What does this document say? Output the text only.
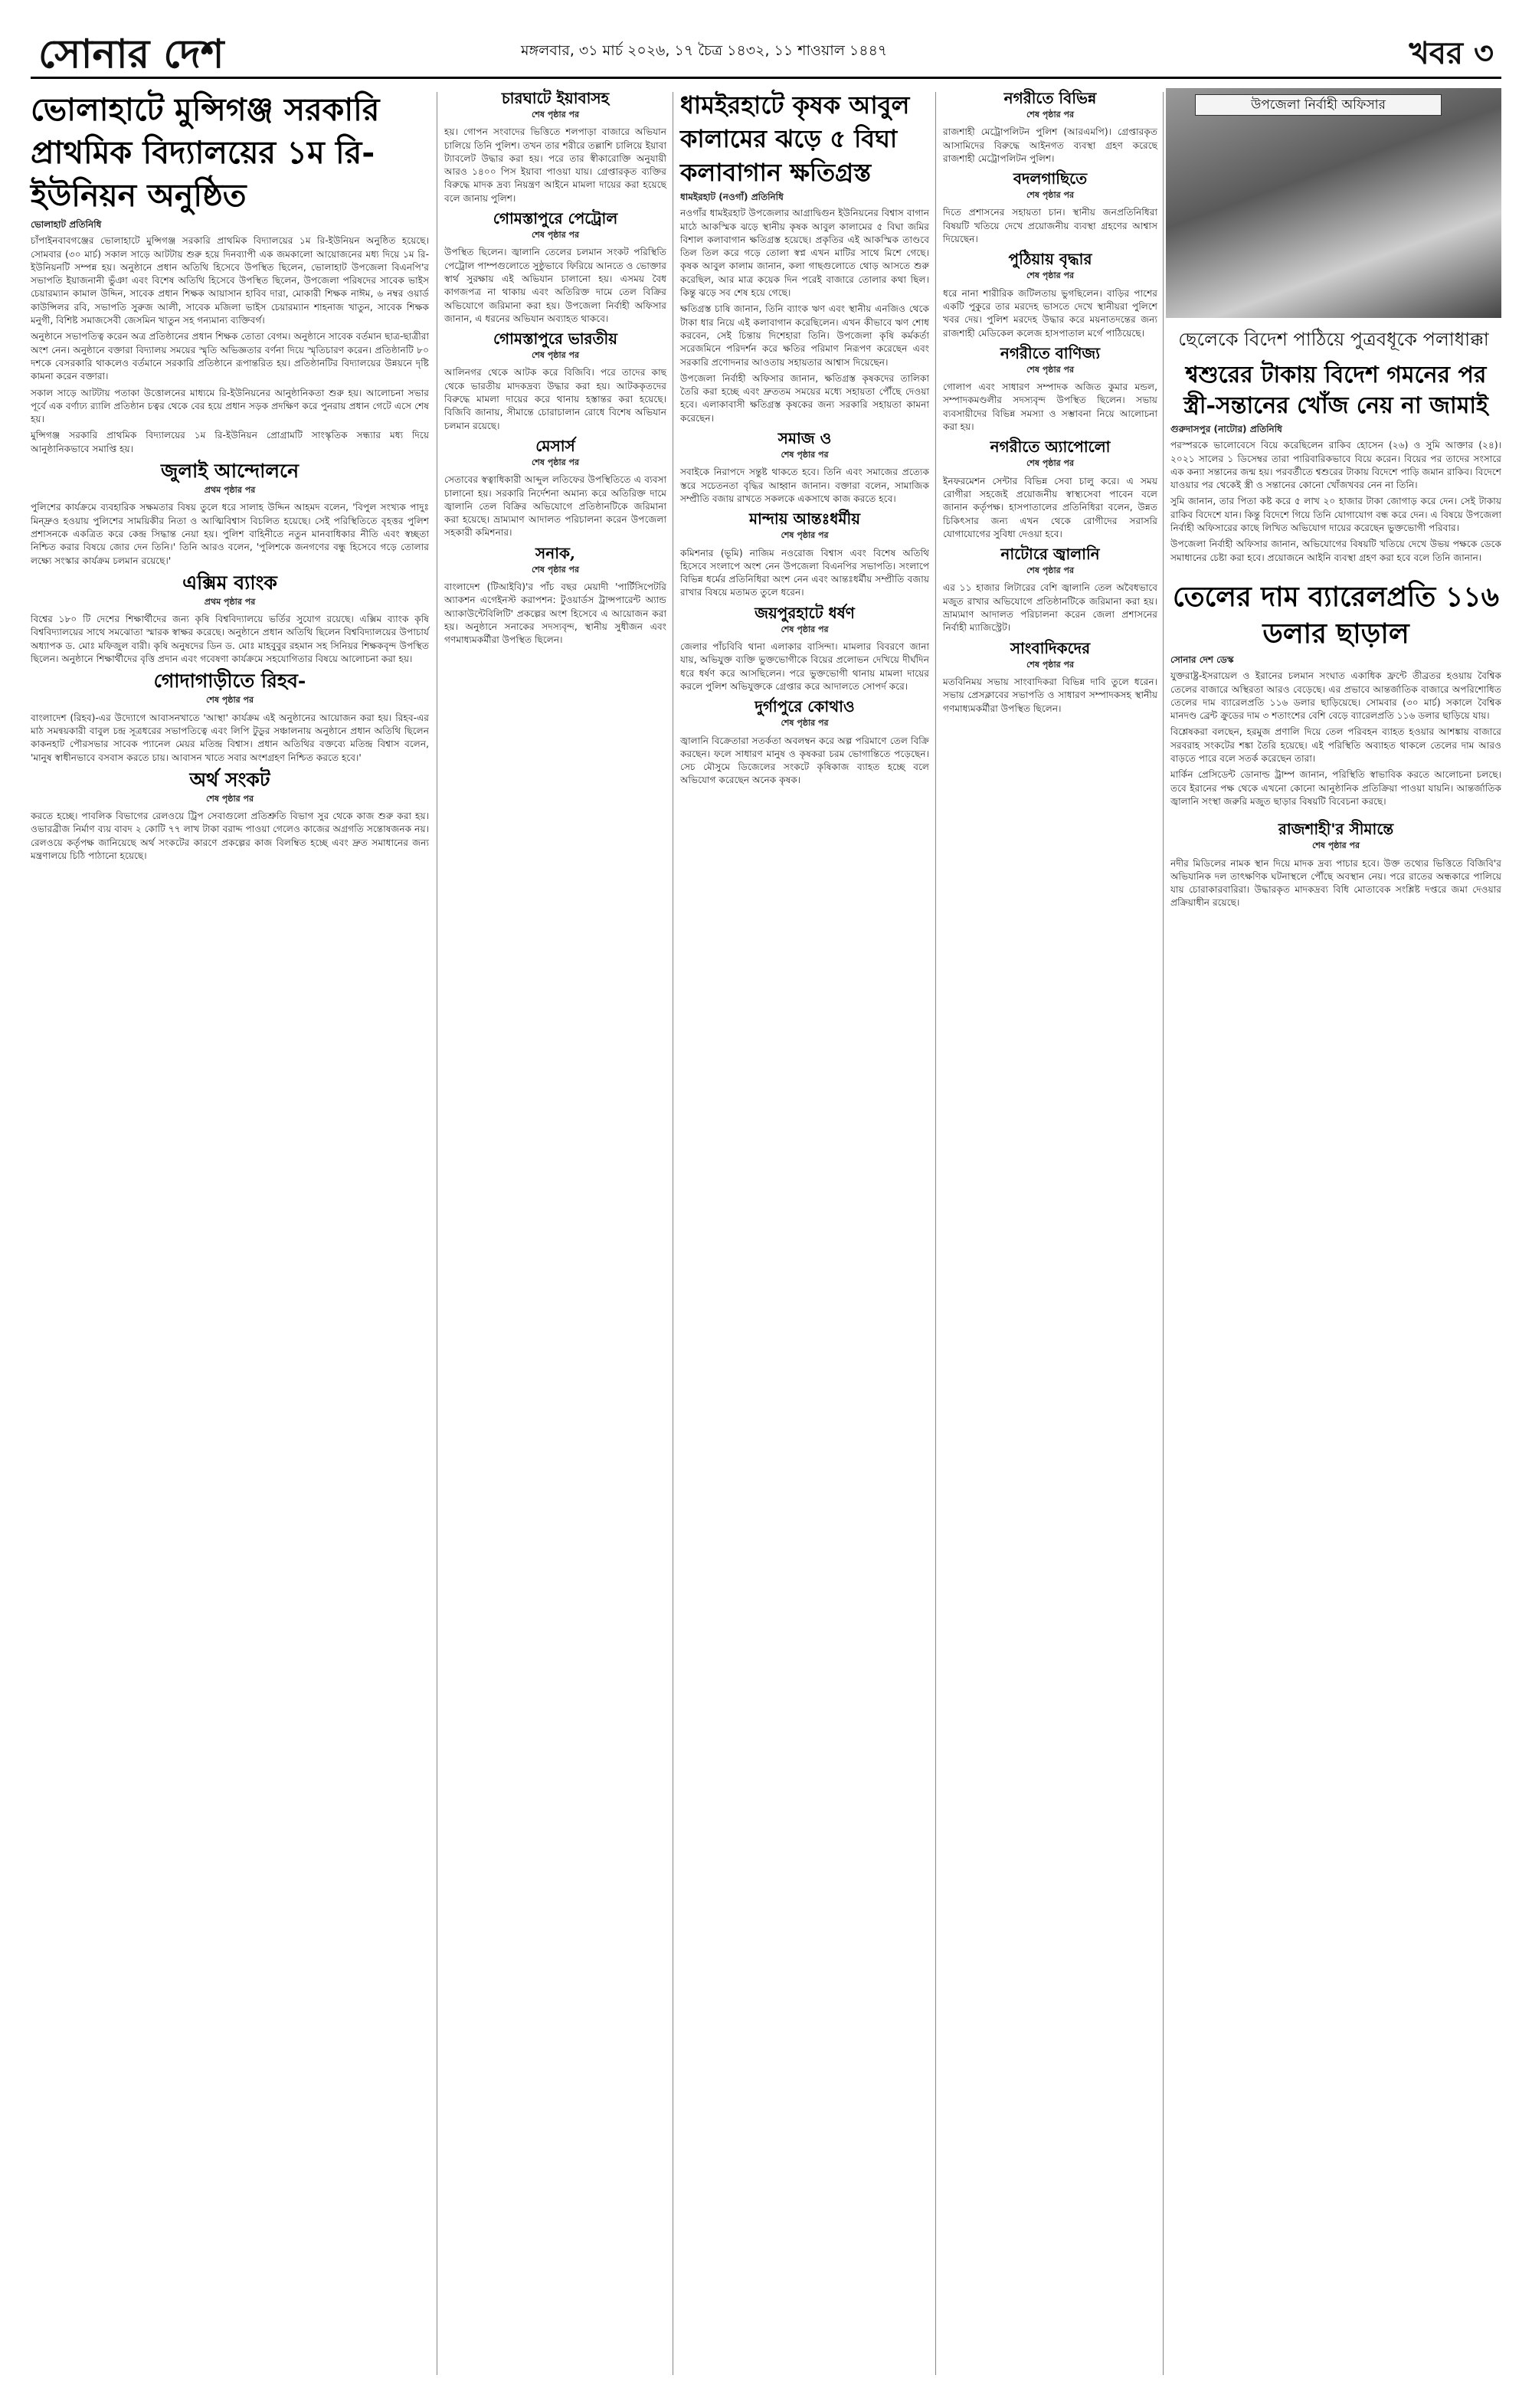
সোনার দেশ	মঙ্গলবার, ৩১ মার্চ ২০২৬, ১৭ চৈত্র ১৪৩২, ১১ শাওয়াল ১৪৪৭	খবর ৩
ভোলাহাটে মুন্সিগঞ্জ সরকারি প্রাথমিক বিদ্যালয়ের ১ম রি-ইউনিয়ন অনুষ্ঠিত
ভোলাহাট প্রতিনিধি

চাঁপাইনবাবগঞ্জের ভোলাহাটে মুন্সিগঞ্জ সরকারি প্রাথমিক বিদ্যালয়ের ১ম রি-ইউনিয়ন অনুষ্ঠিত হয়েছে। সোমবার (৩০ মার্চ) সকাল সাড়ে আটটায় শুরু হয়ে দিনব্যাপী এক জমকালো আয়োজনের মধ্য দিয়ে ১ম রি-ইউনিয়নটি সম্পন্ন হয়। অনুষ্ঠানে প্রধান অতিথি হিসেবে উপস্থিত ছিলেন, ভোলাহাট উপজেলা বিএনপি'র সভাপতি ইয়াজনানী ভুঁঞা এবং বিশেষ অতিথি হিসেবে উপস্থিত ছিলেন, উপজেলা পরিষদের সাবেক ভাইস চেয়ারম্যান কামাল উদ্দিন, সাবেক প্রধান শিক্ষক আয়াসান হাবিব দারা, মোকারী শিক্ষক নাঈম, ৬ নম্বর ওয়ার্ড কাউন্সিলর রবি, সভাপতি সুরুজ আলী, সাবেক মজিলা ভাইস চেয়ারম্যান শাহনাজ খাতুন, সাবেক শিক্ষক মনুগী, বিশিষ্ট সমাজসেবী জেসমিন খাতুন সহ গন্যমান্য ব্যক্তিবর্গ।

অনুষ্ঠানে সভাপতিত্ব করেন অত্র প্রতিষ্ঠানের প্রধান শিক্ষক তোতা বেগম। অনুষ্ঠানে সাবেক বর্তমান ছাত্র-ছাত্রীরা অংশ নেন। অনুষ্ঠানে বক্তারা বিদ্যালয় সময়ের স্মৃতি অভিজ্ঞতার বর্ণনা দিয়ে স্মৃতিচারণ করেন। প্রতিষ্ঠানটি ৮০ দশকে বেসরকারি থাকলেও বর্তমানে সরকারি প্রতিষ্ঠানে রূপান্তরিত হয়। প্রতিষ্ঠানটির বিদ্যালয়ের উন্নয়নে দৃষ্টি কামনা করেন বক্তারা।

সকাল সাড়ে আটটায় পতাকা উত্তোলনের মাধ্যমে রি-ইউনিয়নের আনুষ্ঠানিকতা শুরু হয়। আলোচনা সভার পূর্বে এক বর্ণাঢ্য র‍্যালি প্রতিষ্ঠান চত্বর থেকে বের হয়ে প্রধান সড়ক প্রদক্ষিণ করে পুনরায় প্রধান গেটে এসে শেষ হয়।

মুন্সিগঞ্জ সরকারি প্রাথমিক বিদ্যালয়ের ১ম রি-ইউনিয়ন প্রোগ্রামটি সাংস্কৃতিক সন্ধ্যার মধ্য দিয়ে আনুষ্ঠানিকভাবে সমাপ্তি হয়।

জুলাই আন্দোলনে
প্রথম পৃষ্ঠার পর

পুলিশের কার্যক্রমে ব্যবহারিক সক্ষমতার বিষয় তুলে ধরে সালাহ উদ্দিন আহমদ বলেন, 'বিপুল সংখ্যক পাদুঃ মিন্দ্রুও হওয়ায় পুলিশের সাময়িকীর নিতা ও আত্মিবিশ্বাস বিচলিত হয়েছে। সেই পরিস্থিতিতে বৃহত্তর পুলিশ প্রশাসনকে একত্রিত করে কেন্দ্র সিদ্ধান্ত নেয়া হয়। পুলিশ বাহিনীতে নতুন মানবাধিকার নীতি এবং স্বচ্ছতা নিশ্চিত করার বিষয়ে জোর দেন তিনি।' তিনি আরও বলেন, 'পুলিশকে জনগণের বন্ধু হিসেবে গড়ে তোলার লক্ষ্যে সংস্কার কার্যক্রম চলমান রয়েছে।'

এক্সিম ব্যাংক
প্রথম পৃষ্ঠার পর

বিশ্বের ১৮০ টি দেশের শিক্ষার্থীদের জন্য কৃষি বিশ্ববিদ্যালয়ে ভর্তির সুযোগ রয়েছে। এক্সিম ব্যাংক কৃষি বিশ্ববিদ্যালয়ের সাথে সমঝোতা স্মারক স্বাক্ষর করেছে। অনুষ্ঠানে প্রধান অতিথি ছিলেন বিশ্ববিদ্যালয়ের উপাচার্য অধ্যাপক ড. মোঃ মফিজুল বারী। কৃষি অনুষদের ডিন ড. মোঃ মাহবুবুর রহমান সহ সিনিয়র শিক্ষকবৃন্দ উপস্থিত ছিলেন। অনুষ্ঠানে শিক্ষার্থীদের বৃত্তি প্রদান এবং গবেষণা কার্যক্রমে সহযোগিতার বিষয়ে আলোচনা করা হয়।

গোদাগাড়ীতে রিহব-
শেষ পৃষ্ঠার পর

বাংলাদেশ (রিহব)-এর উদ্যোগে আবাসনখাতে 'আস্থা' কার্যক্রম এই অনুষ্ঠানের আয়োজন করা হয়। রিহব-এর মাঠ সমন্বয়কারী বাবুল চন্দ্র সূত্রধরের সভাপতিত্বে এবং লিপি টুডুর সঞ্চালনায় অনুষ্ঠানে প্রধান অতিথি ছিলেন কাকনহাট পৌরসভার সাবেক প্যানেল মেয়র মতিন্দ্র বিশ্বাস। প্রধান অতিথির বক্তব্যে মতিন্দ্র বিশ্বাস বলেন, 'মানুষ স্বাধীনভাবে বসবাস করতে চায়। আবাসন খাতে সবার অংশগ্রহণ নিশ্চিত করতে হবে।'

অর্থ সংকট
শেষ পৃষ্ঠার পর

করতে হচ্ছে। পাবলিক বিভাগের রেলওয়ে ট্রিপ সেবাগুলো প্রতিশ্রুতি বিভাগ সুর থেকে কাজ শুরু করা হয়। ওভারব্রীজ নির্মাণ ব্যয় বাবদ ২ কোটি ৭৭ লাখ টাকা বরাদ্দ পাওয়া গেলেও কাজের অগ্রগতি সন্তোষজনক নয়। রেলওয়ে কর্তৃপক্ষ জানিয়েছে অর্থ সংকটের কারণে প্রকল্পের কাজ বিলম্বিত হচ্ছে এবং দ্রুত সমাধানের জন্য মন্ত্রণালয়ে চিঠি পাঠানো হয়েছে।

চারঘাটে ইয়াবাসহ
শেষ পৃষ্ঠার পর

হয়। গোপন সংবাদের ভিত্তিতে শলপাড়া বাজারে অভিযান চালিয়ে তিনি পুলিশ। তখন তার শরীরে তল্লাশি চালিয়ে ইয়াবা ট্যাবলেট উদ্ধার করা হয়। পরে তার স্বীকারোক্তি অনুযায়ী আরও ১৪০০ পিস ইয়াবা পাওয়া যায়। গ্রেপ্তারকৃত ব্যক্তির বিরুদ্ধে মাদক দ্রব্য নিয়ন্ত্রণ আইনে মামলা দায়ের করা হয়েছে বলে জানায় পুলিশ।

গোমস্তাপুরে পেট্রোল
শেষ পৃষ্ঠার পর

উপস্থিত ছিলেন। জ্বালানি তেলের চলমান সংকট পরিস্থিতি পেট্রোল পাম্পগুলোতে সুষ্ঠুভাবে ফিরিয়ে আনতে ও ভোক্তার স্বার্থ সুরক্ষায় এই অভিযান চালানো হয়। এসময় বৈধ কাগজপত্র না থাকায় এবং অতিরিক্ত দামে তেল বিক্রির অভিযোগে জরিমানা করা হয়। উপজেলা নির্বাহী অফিসার জানান, এ ধরনের অভিযান অব্যাহত থাকবে।

গোমস্তাপুরে ভারতীয়
শেষ পৃষ্ঠার পর

আলিনগর থেকে আটক করে বিজিবি। পরে তাদের কাছ থেকে ভারতীয় মাদকদ্রব্য উদ্ধার করা হয়। আটককৃতদের বিরুদ্ধে মামলা দায়ের করে থানায় হস্তান্তর করা হয়েছে। বিজিবি জানায়, সীমান্তে চোরাচালান রোধে বিশেষ অভিযান চলমান রয়েছে।

মেসার্স
শেষ পৃষ্ঠার পর

সেতাবের স্বত্বাধিকারী আব্দুল লতিফের উপস্থিতিতে এ ব্যবসা চালানো হয়। সরকারি নির্দেশনা অমান্য করে অতিরিক্ত দামে জ্বালানি তেল বিক্রির অভিযোগে প্রতিষ্ঠানটিকে জরিমানা করা হয়েছে। ভ্রাম্যমাণ আদালত পরিচালনা করেন উপজেলা সহকারী কমিশনার।

সনাক,
শেষ পৃষ্ঠার পর

বাংলাদেশ (টিআইবি)'র পাঁচ বছর মেয়াদী 'পার্টিসিপেটরি অ্যাকশন এগেইনস্ট করাপশন: টুওয়ার্ডস ট্রান্সপারেন্ট অ্যান্ড অ্যাকাউন্টেবিলিটি' প্রকল্পের অংশ হিসেবে এ আয়োজন করা হয়। অনুষ্ঠানে সনাকের সদস্যবৃন্দ, স্থানীয় সুধীজন এবং গণমাধ্যমকর্মীরা উপস্থিত ছিলেন।

ধামইরহাটে কৃষক আবুল কালামের ঝড়ে ৫ বিঘা কলাবাগান ক্ষতিগ্রস্ত
ধামইরহাট (নওগাঁ) প্রতিনিধি

নওগাঁর ধামইরহাট উপজেলার আগ্রাদ্বিগুন ইউনিয়নের বিশ্বাস বাগান মাঠে আকস্মিক ঝড়ে স্থানীয় কৃষক আবুল কালামের ৫ বিঘা জমির বিশাল কলাবাগান ক্ষতিগ্রস্ত হয়েছে। প্রকৃতির এই আকস্মিক তাণ্ডবে তিল তিল করে গড়ে তোলা স্বপ্ন এখন মাটির সাথে মিশে গেছে। কৃষক আবুল কালাম জানান, কলা গাছগুলোতে থোড় আসতে শুরু করেছিল, আর মাত্র কয়েক দিন পরেই বাজারে তোলার কথা ছিল। কিন্তু ঝড়ে সব শেষ হয়ে গেছে।

ক্ষতিগ্রস্ত চাষি জানান, তিনি ব্যাংক ঋণ এবং স্থানীয় এনজিও থেকে টাকা ধার নিয়ে এই কলাবাগান করেছিলেন। এখন কীভাবে ঋণ শোধ করবেন, সেই চিন্তায় দিশেহারা তিনি। উপজেলা কৃষি কর্মকর্তা সরেজমিনে পরিদর্শন করে ক্ষতির পরিমাণ নিরূপণ করেছেন এবং সরকারি প্রণোদনার আওতায় সহায়তার আশ্বাস দিয়েছেন।

উপজেলা নির্বাহী অফিসার জানান, ক্ষতিগ্রস্ত কৃষকদের তালিকা তৈরি করা হচ্ছে এবং দ্রুততম সময়ের মধ্যে সহায়তা পৌঁছে দেওয়া হবে। এলাকাবাসী ক্ষতিগ্রস্ত কৃষকের জন্য সরকারি সহায়তা কামনা করেছেন।

সমাজ ও
শেষ পৃষ্ঠার পর

সবাইকে নিরাপদে সন্তুষ্ট থাকতে হবে। তিনি এবং সমাজের প্রত্যেক স্তরে সচেতনতা বৃদ্ধির আহ্বান জানান। বক্তারা বলেন, সামাজিক সম্প্রীতি বজায় রাখতে সকলকে একসাথে কাজ করতে হবে।

মান্দায় আন্তঃধর্মীয়
শেষ পৃষ্ঠার পর

কমিশনার (ভূমি) নাজিম নওরোজ বিশ্বাস এবং বিশেষ অতিথি হিসেবে সংলাপে অংশ নেন উপজেলা বিএনপির সভাপতি। সংলাপে বিভিন্ন ধর্মের প্রতিনিধিরা অংশ নেন এবং আন্তঃধর্মীয় সম্প্রীতি বজায় রাখার বিষয়ে মতামত তুলে ধরেন।

জয়পুরহাটে ধর্ষণ
শেষ পৃষ্ঠার পর

জেলার পাঁচবিবি থানা এলাকার বাসিন্দা। মামলার বিবরণে জানা যায়, অভিযুক্ত ব্যক্তি ভুক্তভোগীকে বিয়ের প্রলোভন দেখিয়ে দীর্ঘদিন ধরে ধর্ষণ করে আসছিলেন। পরে ভুক্তভোগী থানায় মামলা দায়ের করলে পুলিশ অভিযুক্তকে গ্রেপ্তার করে আদালতে সোপর্দ করে।

দুর্গাপুরে কোথাও
শেষ পৃষ্ঠার পর

জ্বালানি বিক্রেতারা সতর্কতা অবলম্বন করে অল্প পরিমাণে তেল বিক্রি করছেন। ফলে সাধারণ মানুষ ও কৃষকরা চরম ভোগান্তিতে পড়েছেন। সেচ মৌসুমে ডিজেলের সংকটে কৃষিকাজ ব্যাহত হচ্ছে বলে অভিযোগ করেছেন অনেক কৃষক।

নগরীতে বিভিন্ন
শেষ পৃষ্ঠার পর

রাজশাহী মেট্রোপলিটন পুলিশ (আরএমপি)। গ্রেপ্তারকৃত আসামিদের বিরুদ্ধে আইনগত ব্যবস্থা গ্রহণ করেছে রাজশাহী মেট্রোপলিটন পুলিশ।

বদলগাছিতে
শেষ পৃষ্ঠার পর

দিতে প্রশাসনের সহায়তা চান। স্থানীয় জনপ্রতিনিধিরা বিষয়টি খতিয়ে দেখে প্রয়োজনীয় ব্যবস্থা গ্রহণের আশ্বাস দিয়েছেন।

পুঠিয়ায় বৃদ্ধার
শেষ পৃষ্ঠার পর

ধরে নানা শারীরিক জটিলতায় ভুগছিলেন। বাড়ির পাশের একটি পুকুরে তার মরদেহ ভাসতে দেখে স্থানীয়রা পুলিশে খবর দেয়। পুলিশ মরদেহ উদ্ধার করে ময়নাতদন্তের জন্য রাজশাহী মেডিকেল কলেজ হাসপাতাল মর্গে পাঠিয়েছে।

নগরীতে বাণিজ্য
শেষ পৃষ্ঠার পর

গোলাপ এবং সাধারণ সম্পাদক অজিত কুমার মন্ডল, সম্পাদকমণ্ডলীর সদস্যবৃন্দ উপস্থিত ছিলেন। সভায় ব্যবসায়ীদের বিভিন্ন সমস্যা ও সম্ভাবনা নিয়ে আলোচনা করা হয়।

নগরীতে অ্যাপোলো
শেষ পৃষ্ঠার পর

ইনফরমেশন সেন্টার বিভিন্ন সেবা চালু করে। এ সময় রোগীরা সহজেই প্রয়োজনীয় স্বাস্থ্যসেবা পাবেন বলে জানান কর্তৃপক্ষ। হাসপাতালের প্রতিনিধিরা বলেন, উন্নত চিকিৎসার জন্য এখন থেকে রোগীদের সরাসরি যোগাযোগের সুবিধা দেওয়া হবে।

নাটোরে জ্বালানি
শেষ পৃষ্ঠার পর

এর ১১ হাজার লিটারের বেশি জ্বালানি তেল অবৈধভাবে মজুত রাখার অভিযোগে প্রতিষ্ঠানটিকে জরিমানা করা হয়। ভ্রাম্যমাণ আদালত পরিচালনা করেন জেলা প্রশাসনের নির্বাহী ম্যাজিস্ট্রেট।

সাংবাদিকদের
শেষ পৃষ্ঠার পর

মতবিনিময় সভায় সাংবাদিকরা বিভিন্ন দাবি তুলে ধরেন। সভায় প্রেসক্লাবের সভাপতি ও সাধারণ সম্পাদকসহ স্থানীয় গণমাধ্যমকর্মীরা উপস্থিত ছিলেন।

উপজেলা নির্বাহী অফিসার
ছেলেকে বিদেশ পাঠিয়ে পুত্রবধূকে পলাধাক্কা
শ্বশুরের টাকায় বিদেশ গমনের পর স্ত্রী-সন্তানের খোঁজ নেয় না জামাই
গুরুদাসপুর (নাটোর) প্রতিনিধি

পরস্পরকে ভালোবেসে বিয়ে করেছিলেন রাকিব হোসেন (২৬) ও সুমি আক্তার (২৪)। ২০২১ সালের ১ ডিসেম্বর তারা পারিবারিকভাবে বিয়ে করেন। বিয়ের পর তাদের সংসারে এক কন্যা সন্তানের জন্ম হয়। পরবর্তীতে শ্বশুরের টাকায় বিদেশে পাড়ি জমান রাকিব। বিদেশে যাওয়ার পর থেকেই স্ত্রী ও সন্তানের কোনো খোঁজখবর নেন না তিনি।

সুমি জানান, তার পিতা কষ্ট করে ৫ লাখ ২০ হাজার টাকা জোগাড় করে দেন। সেই টাকায় রাকিব বিদেশে যান। কিন্তু বিদেশে গিয়ে তিনি যোগাযোগ বন্ধ করে দেন। এ বিষয়ে উপজেলা নির্বাহী অফিসারের কাছে লিখিত অভিযোগ দায়ের করেছেন ভুক্তভোগী পরিবার।

উপজেলা নির্বাহী অফিসার জানান, অভিযোগের বিষয়টি খতিয়ে দেখে উভয় পক্ষকে ডেকে সমাধানের চেষ্টা করা হবে। প্রয়োজনে আইনি ব্যবস্থা গ্রহণ করা হবে বলে তিনি জানান।

তেলের দাম ব্যারেলপ্রতি ১১৬ ডলার ছাড়াল
সোনার দেশ ডেস্ক

যুক্তরাষ্ট্র-ইসরায়েল ও ইরানের চলমান সংঘাত একাধিক ফ্রন্টে তীব্রতর হওয়ায় বৈশ্বিক তেলের বাজারে অস্থিরতা আরও বেড়েছে। এর প্রভাবে আন্তর্জাতিক বাজারে অপরিশোধিত তেলের দাম ব্যারেলপ্রতি ১১৬ ডলার ছাড়িয়েছে। সোমবার (৩০ মার্চ) সকালে বৈশ্বিক মানদণ্ড ব্রেন্ট ক্রুডের দাম ৩ শতাংশের বেশি বেড়ে ব্যারেলপ্রতি ১১৬ ডলার ছাড়িয়ে যায়।

বিশ্লেষকরা বলছেন, হরমুজ প্রণালি দিয়ে তেল পরিবহন ব্যাহত হওয়ার আশঙ্কায় বাজারে সরবরাহ সংকটের শঙ্কা তৈরি হয়েছে। এই পরিস্থিতি অব্যাহত থাকলে তেলের দাম আরও বাড়তে পারে বলে সতর্ক করেছেন তারা।

মার্কিন প্রেসিডেন্ট ডোনাল্ড ট্রাম্প জানান, পরিস্থিতি স্বাভাবিক করতে আলোচনা চলছে। তবে ইরানের পক্ষ থেকে এখনো কোনো আনুষ্ঠানিক প্রতিক্রিয়া পাওয়া যায়নি। আন্তর্জাতিক জ্বালানি সংস্থা জরুরি মজুত ছাড়ার বিষয়টি বিবেচনা করছে।

রাজশাহী'র সীমান্তে
শেষ পৃষ্ঠার পর

নদীর মিডিলের নামক স্থান দিয়ে মাদক দ্রব্য পাচার হবে। উক্ত তথ্যের ভিত্তিতে বিজিবি'র অভিযানিক দল তাৎক্ষণিক ঘটনাস্থলে পৌঁছে অবস্থান নেয়। পরে রাতের অন্ধকারে পালিয়ে যায় চোরাকারবারিরা। উদ্ধারকৃত মাদকদ্রব্য বিধি মোতাবেক সংশ্লিষ্ট দপ্তরে জমা দেওয়ার প্রক্রিয়াধীন রয়েছে।
